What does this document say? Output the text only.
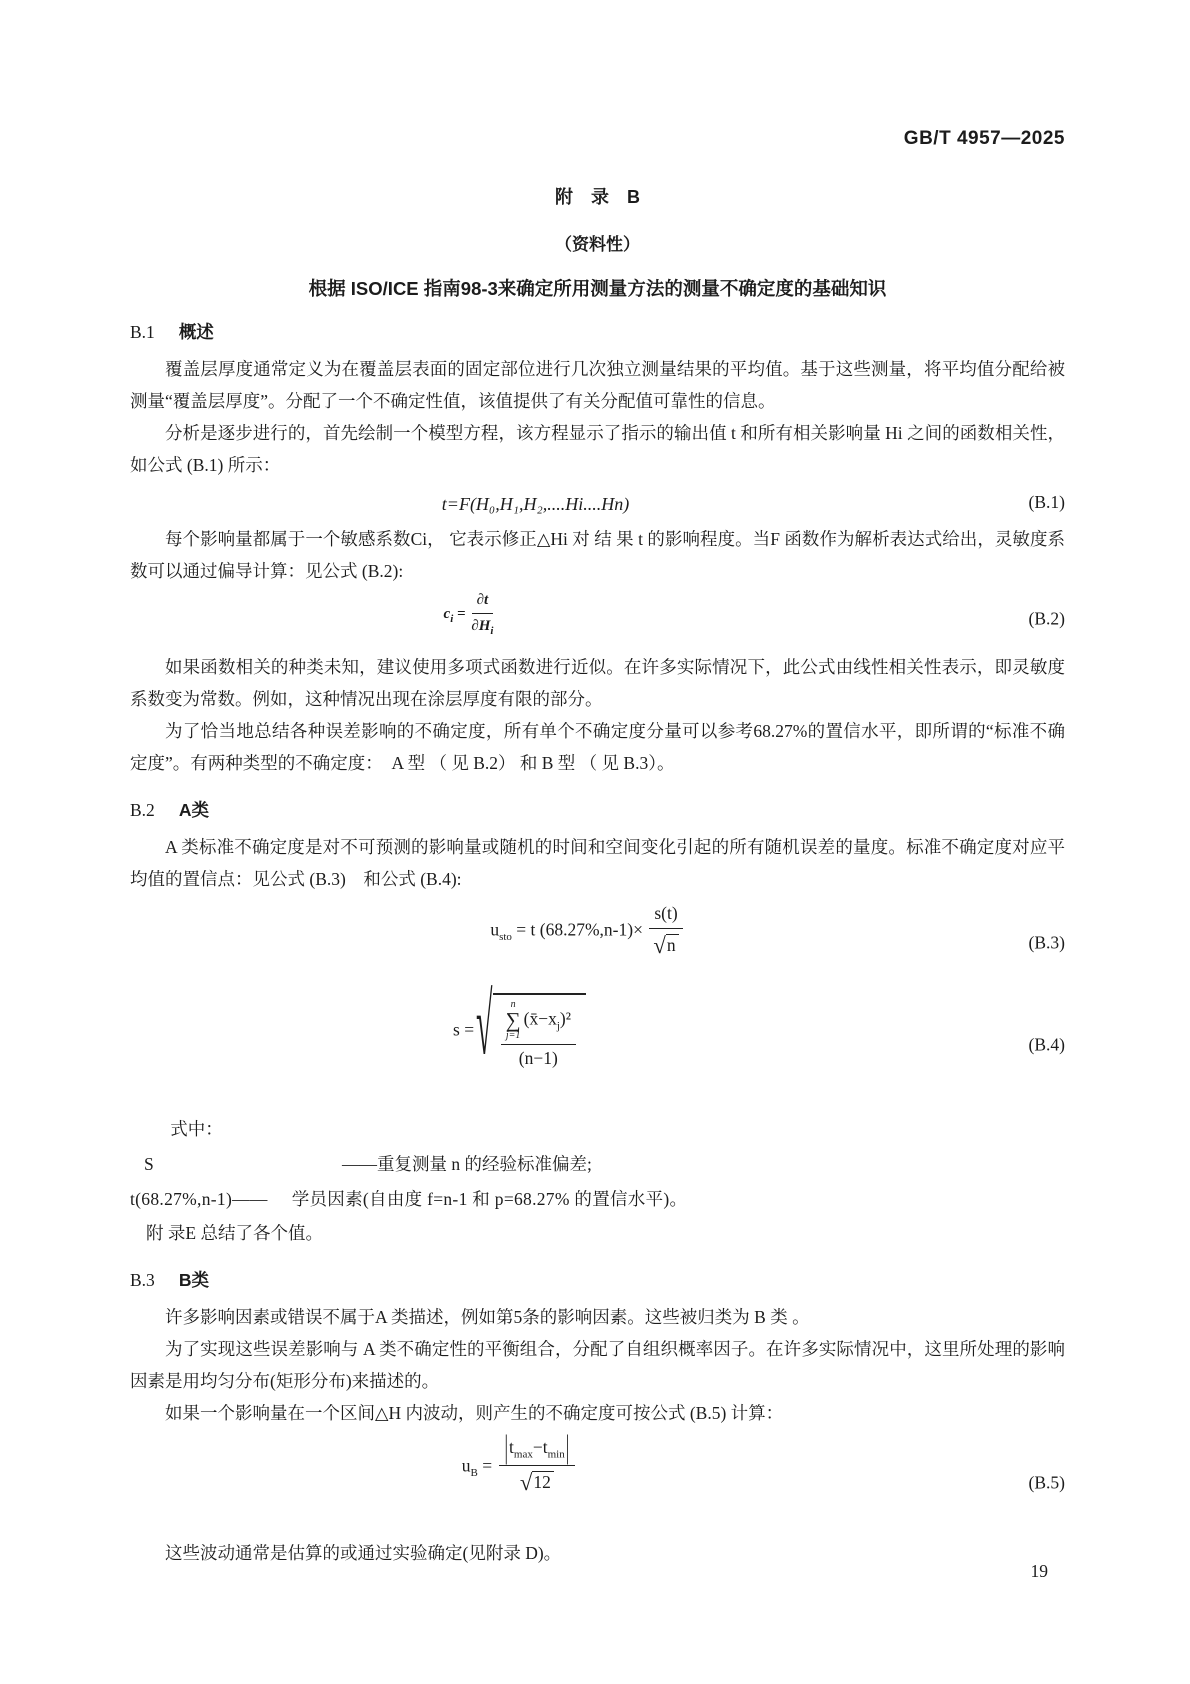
GB/T 4957—2025
附　录　B
（资料性）
根据 ISO/ICE 指南98-3来确定所用测量方法的测量不确定度的基础知识
B.1 概述

覆盖层厚度通常定义为在覆盖层表面的固定部位进行几次独立测量结果的平均值。基于这些测量，将平均值分配给被测量“覆盖层厚度”。分配了一个不确定性值，该值提供了有关分配值可靠性的信息。

分析是逐步进行的，首先绘制一个模型方程，该方程显示了指示的输出值 t 和所有相关影响量 Hi 之间的函数相关性，如公式 (B.1) 所示：

t=F(H₀,H₁,H₂,....Hi....Hn)	(B.1)

每个影响量都属于一个敏感系数Ci， 它表示修正△Hi 对 结 果 t 的影响程度。当F 函数作为解析表达式给出，灵敏度系数可以通过偏导计算：见公式 (B.2):

$c_i = \frac{\partial t}{\partial H_i}$	(B.2)

如果函数相关的种类未知，建议使用多项式函数进行近似。在许多实际情况下，此公式由线性相关性表示，即灵敏度系数变为常数。例如，这种情况出现在涂层厚度有限的部分。

为了恰当地总结各种误差影响的不确定度，所有单个不确定度分量可以参考68.27%的置信水平，即所谓的“标准不确定度”。有两种类型的不确定度：　A 型 （ 见 B.2） 和 B 型 （ 见 B.3）。

B.2 A类

A 类标准不确定度是对不可预测的影响量或随机的时间和空间变化引起的所有随机误差的量度。标准不确定度对应平均值的置信点：见公式 (B.3)　和公式 (B.4):

$u_{sto} = t$ $(68.27\%,n-1)\times \frac{s(t)}{√n}$	(B.3)
s = √ n
∑
j=1
$(x̄-x_j)^2$
(n−1)
(B.4)
式中：
S	——重复测量 n 的经验标准偏差;
t(68.27%,n-1)—— 学员因素(自由度 f=n-1 和 p=68.27% 的置信水平)。
附 录E 总结了各个值。
B.3 B类

许多影响因素或错误不属于A 类描述，例如第5条的影响因素。这些被归类为 B 类 。

为了实现这些误差影响与 A 类不确定性的平衡组合，分配了自组织概率因子。在许多实际情况中，这里所处理的影响因素是用均匀分布(矩形分布)来描述的。

如果一个影响量在一个区间△H 内波动，则产生的不确定度可按公式 (B.5) 计算：

$u_B = \frac{|t_{max}-t_{min}|}{√12}$	(B.5)

这些波动通常是估算的或通过实验确定(见附录 D)。

19
